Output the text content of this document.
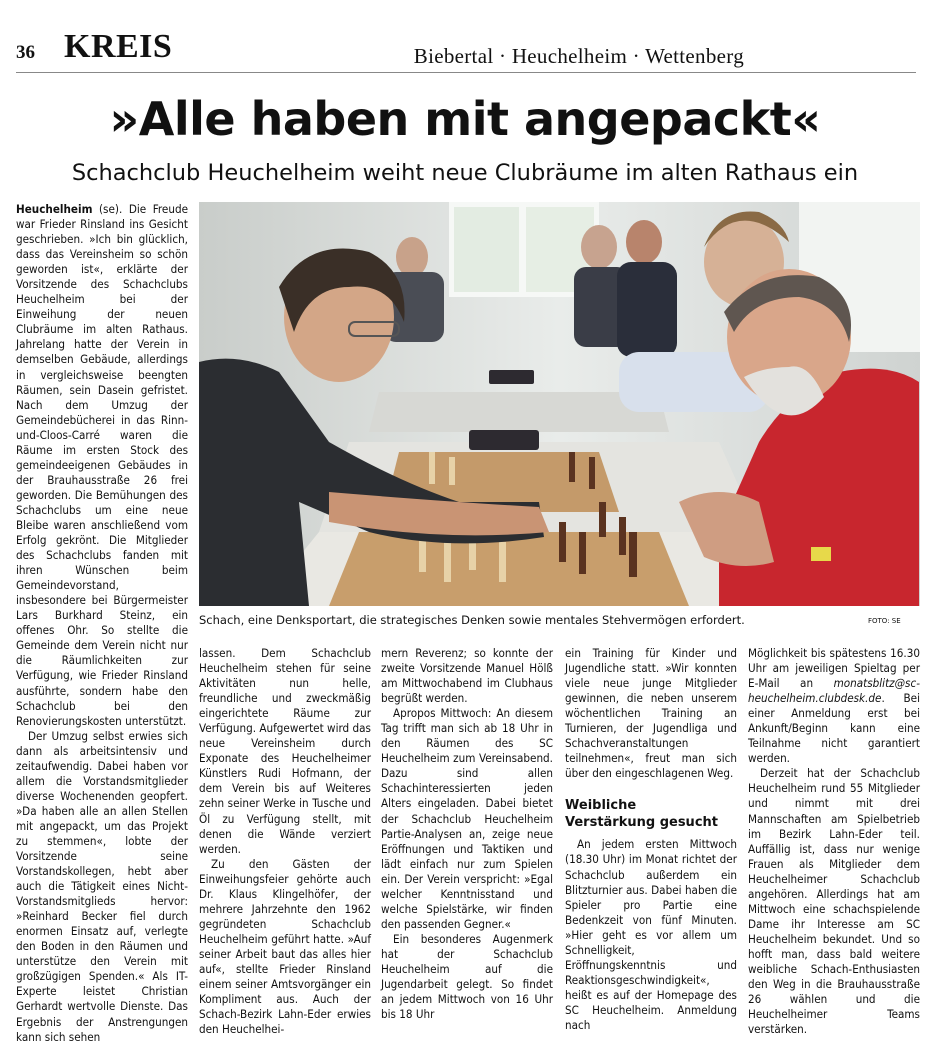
36 KREIS	Biebertal · Heuchelheim · Wettenberg
»Alle haben mit angepackt«
Schachclub Heuchelheim weiht neue Clubräume im alten Rathaus ein

Heuchelheim (se). Die Freude war Frieder Rinsland ins Gesicht geschrieben. »Ich bin glücklich, dass das Vereinsheim so schön geworden ist«, erklärte der Vorsitzende des Schachclubs Heuchelheim bei der Einweihung der neuen Clubräume im alten Rathaus. Jahrelang hatte der Verein in demselben Gebäude, allerdings in vergleichsweise beengten Räumen, sein Dasein gefristet. Nach dem Umzug der Gemeindebücherei in das Rinn-und-Cloos-Carré waren die Räume im ersten Stock des gemeindeeigenen Gebäudes in der Brauhausstraße 26 frei geworden. Die Bemühungen des Schachclubs um eine neue Bleibe waren anschließend vom Erfolg gekrönt. Die Mitglieder des Schachclubs fanden mit ihren Wünschen beim Gemeindevorstand, insbesondere bei Bürgermeister Lars Burkhard Steinz, ein offenes Ohr. So stellte die Gemeinde dem Verein nicht nur die Räumlichkeiten zur Verfügung, wie Frieder Rinsland ausführte, sondern habe den Schachclub bei den Renovierungskosten unterstützt.

Der Umzug selbst erwies sich dann als arbeitsintensiv und zeitaufwendig. Dabei haben vor allem die Vorstandsmitglieder diverse Wochenenden geopfert. »Da haben alle an allen Stellen mit angepackt, um das Projekt zu stemmen«, lobte der Vorsitzende seine Vorstandskollegen, hebt aber auch die Tätigkeit eines Nicht-Vorstandsmitglieds hervor: »Reinhard Becker fiel durch enormen Einsatz auf, verlegte den Boden in den Räumen und unterstütze den Verein mit großzügigen Spenden.« Als IT-Experte leistet Christian Gerhardt wertvolle Dienste. Das Ergebnis der Anstrengungen kann sich sehen

Schach, eine Denksportart, die strategisches Denken sowie mentales Stehvermögen erfordert.	FOTO: SE

lassen. Dem Schachclub Heuchelheim stehen für seine Aktivitäten nun helle, freundliche und zweckmäßig eingerichtete Räume zur Verfügung. Aufgewertet wird das neue Vereinsheim durch Exponate des Heuchelheimer Künstlers Rudi Hofmann, der dem Verein bis auf Weiteres zehn seiner Werke in Tusche und Öl zu Verfügung stellt, mit denen die Wände verziert werden.

Zu den Gästen der Einweihungsfeier gehörte auch Dr. Klaus Klingelhöfer, der mehrere Jahrzehnte den 1962 gegründeten Schachclub Heuchelheim geführt hatte. »Auf seiner Arbeit baut das alles hier auf«, stellte Frieder Rinsland einem seiner Amtsvorgänger ein Kompliment aus. Auch der Schach-Bezirk Lahn-Eder erwies den Heuchelhei-

mern Reverenz; so konnte der zweite Vorsitzende Manuel Hölß am Mittwochabend im Clubhaus begrüßt werden.

Apropos Mittwoch: An diesem Tag trifft man sich ab 18 Uhr in den Räumen des SC Heuchelheim zum Vereinsabend. Dazu sind allen Schachinteressierten jeden Alters eingeladen. Dabei bietet der Schachclub Heuchelheim Partie-Analysen an, zeige neue Eröffnungen und Taktiken und lädt einfach nur zum Spielen ein. Der Verein verspricht: »Egal welcher Kenntnisstand und welche Spielstärke, wir finden den passenden Gegner.«

Ein besonderes Augenmerk hat der Schachclub Heuchelheim auf die Jugendarbeit gelegt. So findet an jedem Mittwoch von 16 Uhr bis 18 Uhr

ein Training für Kinder und Jugendliche statt. »Wir konnten viele neue junge Mitglieder gewinnen, die neben unserem wöchentlichen Training an Turnieren, der Jugendliga und Schachveranstaltungen teilnehmen«, freut man sich über den eingeschlagenen Weg.

Weibliche
Verstärkung gesucht

An jedem ersten Mittwoch (18.30 Uhr) im Monat richtet der Schachclub außerdem ein Blitzturnier aus. Dabei haben die Spieler pro Partie eine Bedenkzeit von fünf Minuten. »Hier geht es vor allem um Schnelligkeit, Eröffnungskenntnis und Reaktionsgeschwindigkeit«, heißt es auf der Homepage des SC Heuchelheim. Anmeldung nach

Möglichkeit bis spätestens 16.30 Uhr am jeweiligen Spieltag per E-Mail an monatsblitz@sc-heuchelheim.clubdesk.de. Bei einer Anmeldung erst bei Ankunft/Beginn kann eine Teilnahme nicht garantiert werden.

Derzeit hat der Schachclub Heuchelheim rund 55 Mitglieder und nimmt mit drei Mannschaften am Spielbetrieb im Bezirk Lahn-Eder teil. Auffällig ist, dass nur wenige Frauen als Mitglieder dem Heuchelheimer Schachclub angehören. Allerdings hat am Mittwoch eine schachspielende Dame ihr Interesse am SC Heuchelheim bekundet. Und so hofft man, dass bald weitere weibliche Schach-Enthusiasten den Weg in die Brauhausstraße 26 wählen und die Heuchelheimer Teams verstärken.
